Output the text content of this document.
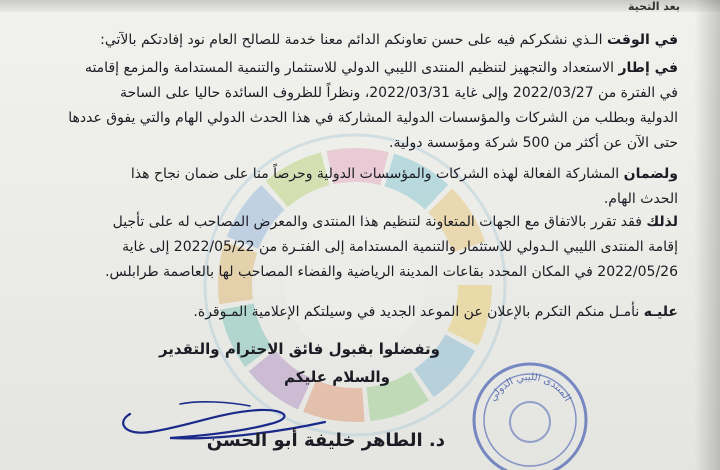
بعد التحية
في الوقت الـذي نشكركم فيه على حسن تعاونكم الدائم معنا خدمة للصالح العام نود إفادتكم بالآتي:
في إطار الاستعداد والتجهيز لتنظيم المنتدى الليبي الدولي للاستثمار والتنمية المستدامة والمزمع إقامته
في الفترة من 2022/03/27 وإلى غاية 2022/03/31، ونظراً للظروف السائدة حاليا على الساحة
الدولية وبطلب من الشركات والمؤسسات الدولية المشاركة في هذا الحدث الدولي الهام والتي يفوق عددها
حتى الآن عن أكثر من 500 شركة ومؤسسة دولية.
ولضمان المشاركة الفعالة لهذه الشركات والمؤسسات الدولية وحرصاً منا على ضمان نجاح هذا
الحدث الهام.
لذلك فقد تقرر بالاتفاق مع الجهات المتعاونة لتنظيم هذا المنتدى والمعرض المصاحب له على تأجيل
إقامة المنتدى الليبي الـدولي للاستثمار والتنمية المستدامة إلى الفتـرة من 2022/05/22 إلى غاية
2022/05/26 في المكان المحدد بقاعات المدينة الرياضية والفضاء المصاحب لها بالعاصمة طرابلس.
عليـه نأمـل منكم التكرم بالإعلان عن الموعد الجديد في وسيلتكم الإعلامية المـوقرة.
وتفضلوا بقبول فائق الاحترام والتقدير
والسلام عليكم
المنتدى الليبي الدولي
د. الطاهر خليفة أبو الحسن
